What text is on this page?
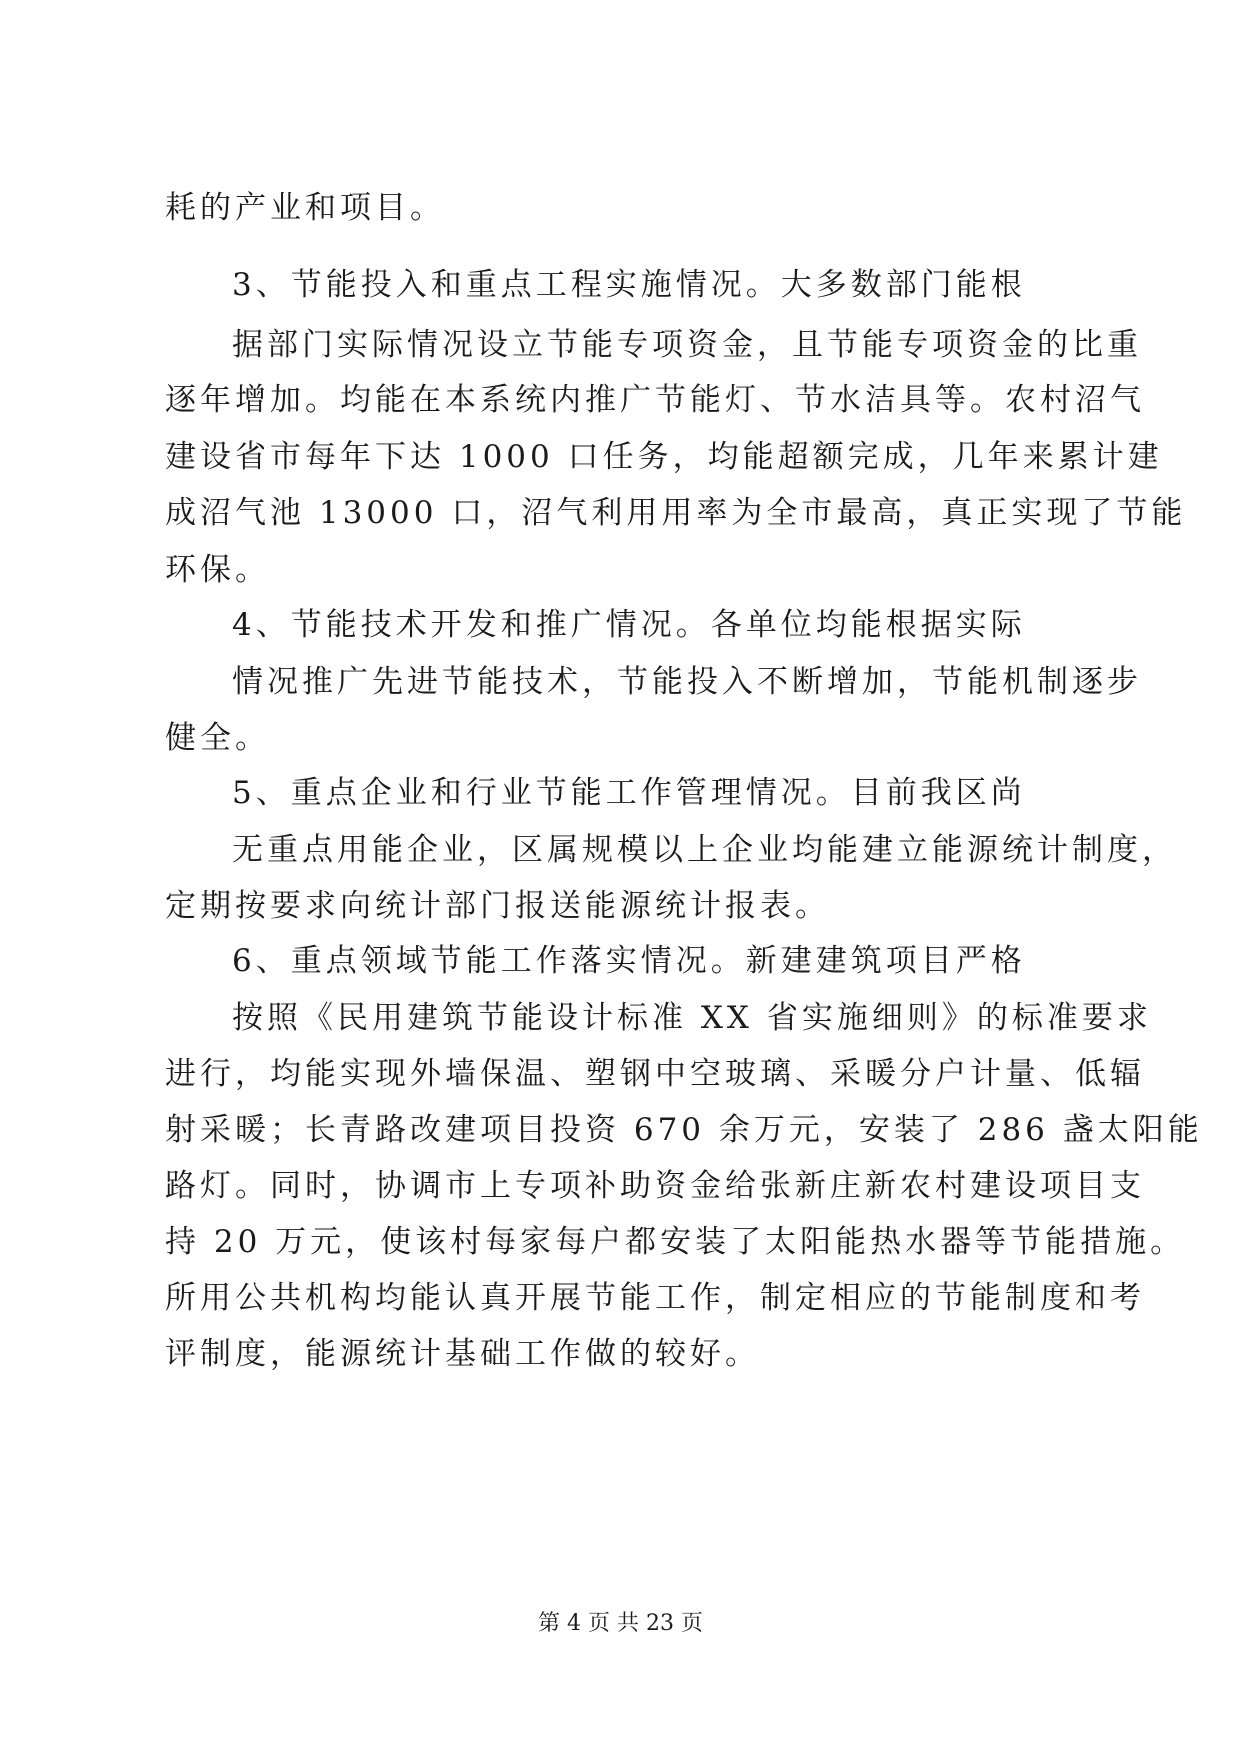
耗的产业和项目。
3、节能投入和重点工程实施情况。大多数部门能根
据部门实际情况设立节能专项资金，且节能专项资金的比重
逐年增加。均能在本系统内推广节能灯、节水洁具等。农村沼气
建设省市每年下达 1000 口任务，均能超额完成，几年来累计建
成沼气池 13000 口，沼气利用用率为全市最高，真正实现了节能
环保。
4、节能技术开发和推广情况。各单位均能根据实际
情况推广先进节能技术，节能投入不断增加，节能机制逐步
健全。
5、重点企业和行业节能工作管理情况。目前我区尚
无重点用能企业，区属规模以上企业均能建立能源统计制度，
定期按要求向统计部门报送能源统计报表。
6、重点领域节能工作落实情况。新建建筑项目严格
按照《民用建筑节能设计标准 XX 省实施细则》的标准要求
进行，均能实现外墙保温、塑钢中空玻璃、采暖分户计量、低辐
射采暖；长青路改建项目投资 670 余万元，安装了 286 盏太阳能
路灯。同时，协调市上专项补助资金给张新庄新农村建设项目支
持 20 万元，使该村每家每户都安装了太阳能热水器等节能措施。
所用公共机构均能认真开展节能工作，制定相应的节能制度和考
评制度，能源统计基础工作做的较好。
第 4 页 共 23 页
